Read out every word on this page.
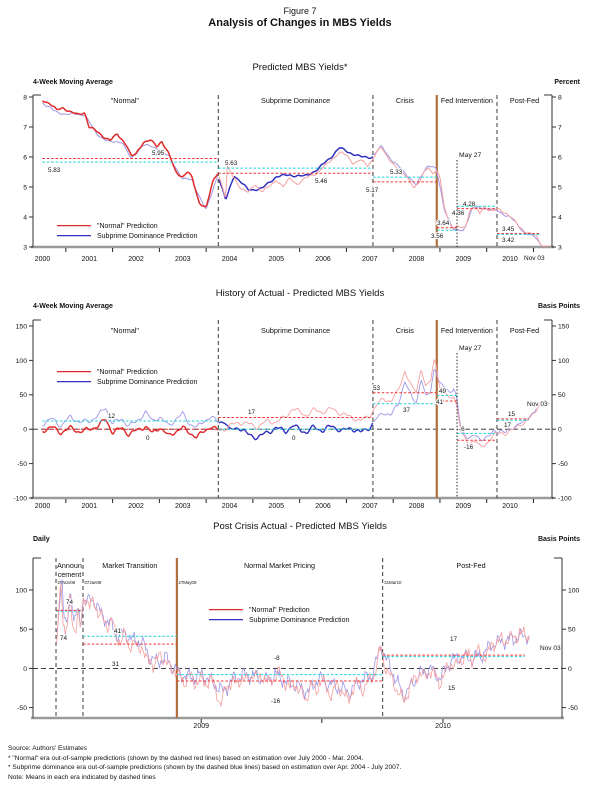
Figure 7
Analysis of Changes in MBS Yields
Predicted MBS Yields*
4-Week Moving Average	Percent
History of Actual - Predicted MBS Yields
4-Week Moving Average	Basis Points
Post Crisis Actual - Predicted MBS Yields
Daily	Basis Points
8	8
7	7
6	6
5	5
4	4
3	3
2000	2001	2002	2003	2004	2005	2006	2007	2008	2009	2010
"Normal"	Subprime Dominance	Crisis	Fed Intervention Post-Fed
5.95
5.83
5.63
5.46
5.33
5.17
3.64
3.56
4.28
4.36
3.45
3.42
May 27
"Normal" Prediction
Subprime Dominance Prediction
Nov 03
150	150
100	100
50	50
0	0
-50	-50
-100	-100
2000	2001	2002	2003	2004	2005	2006	2007	2008	2009	2010
"Normal"	Subprime Dominance	Crisis	Fed Intervention Post-Fed
12
0
17
0
53
37
49
41
-6
-16
15
17
May 27
"Normal" Prediction
Subprime Dominance Prediction
Nov 03
100	100
50	50
0	0
-50	-50
2009	2010
Announ
cement
Market Transition	Normal Market Pricing	Post-Fed
25Nov08 07Jan09	27May09	31Mar10
74
74
41
31
-8
-16
17
15
"Normal" Prediction
Subprime Dominance Prediction
Nov 03
Source: Authors' Estimates
* "Normal" era out-of-sample predictions (shown by the dashed red lines) based on estimation over July 2000 - Mar. 2004.
* Subprime dominance era out-of-sample predictions (shown by the dashed blue lines) based on estimation over Apr. 2004 - July 2007.
Note: Means in each era indicated by dashed lines
